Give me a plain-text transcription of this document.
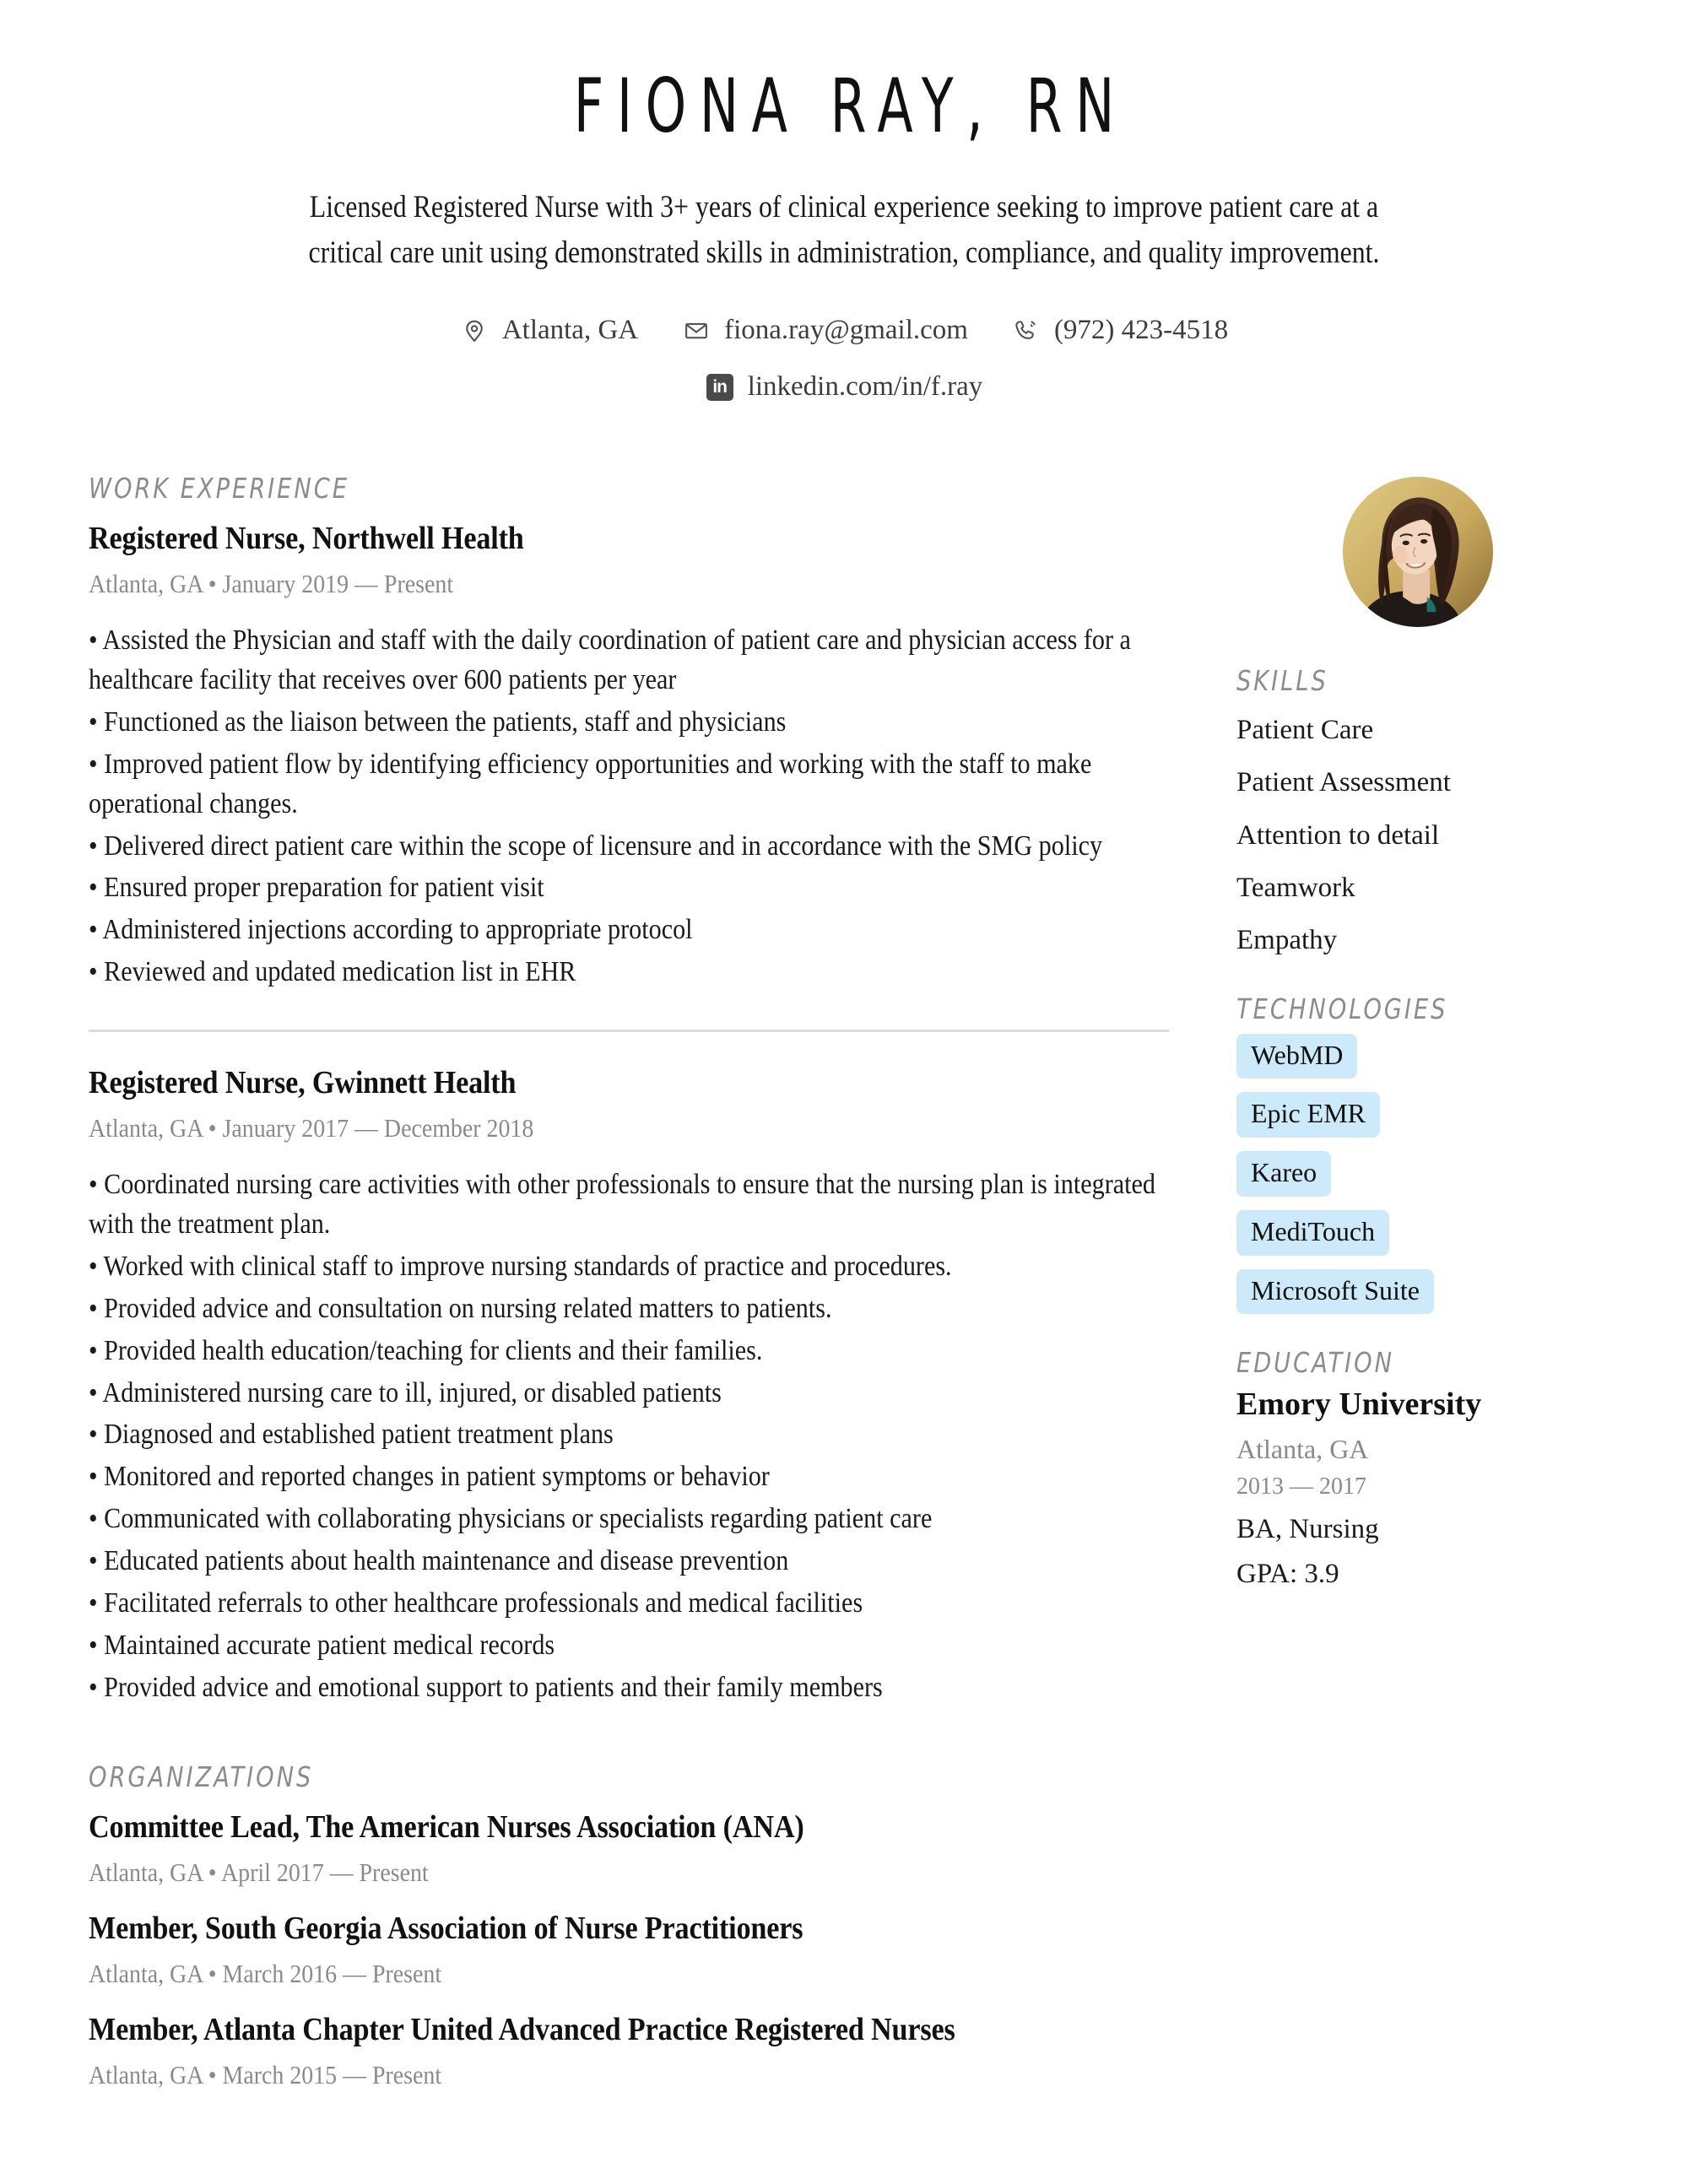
FIONA RAY, RN

Licensed Registered Nurse with 3+ years of clinical experience seeking to improve patient care at a critical care unit using demonstrated skills in administration, compliance, and quality improvement.

Atlanta, GA	fiona.ray@gmail.com	(972) 423-4518
in linkedin.com/in/f.ray
WORK EXPERIENCE
Registered Nurse, Northwell Health
Atlanta, GA • January 2019 — Present
• Assisted the Physician and staff with the daily coordination of patient care and physician access for a healthcare facility that receives over 600 patients per year
• Functioned as the liaison between the patients, staff and physicians
• Improved patient flow by identifying efficiency opportunities and working with the staff to make operational changes.
• Delivered direct patient care within the scope of licensure and in accordance with the SMG policy
• Ensured proper preparation for patient visit
• Administered injections according to appropriate protocol
• Reviewed and updated medication list in EHR
Registered Nurse, Gwinnett Health
Atlanta, GA • January 2017 — December 2018
• Coordinated nursing care activities with other professionals to ensure that the nursing plan is integrated with the treatment plan.
• Worked with clinical staff to improve nursing standards of practice and procedures.
• Provided advice and consultation on nursing related matters to patients.
• Provided health education/teaching for clients and their families.
• Administered nursing care to ill, injured, or disabled patients
• Diagnosed and established patient treatment plans
• Monitored and reported changes in patient symptoms or behavior
• Communicated with collaborating physicians or specialists regarding patient care
• Educated patients about health maintenance and disease prevention
• Facilitated referrals to other healthcare professionals and medical facilities
• Maintained accurate patient medical records
• Provided advice and emotional support to patients and their family members
ORGANIZATIONS
Committee Lead, The American Nurses Association (ANA)
Atlanta, GA • April 2017 — Present
Member, South Georgia Association of Nurse Practitioners
Atlanta, GA • March 2016 — Present
Member, Atlanta Chapter United Advanced Practice Registered Nurses
Atlanta, GA • March 2015 — Present
SKILLS
Patient Care
Patient Assessment
Attention to detail
Teamwork
Empathy
TECHNOLOGIES
WebMD
Epic EMR
Kareo
MediTouch
Microsoft Suite
EDUCATION
Emory University
Atlanta, GA
2013 — 2017
BA, Nursing
GPA: 3.9
